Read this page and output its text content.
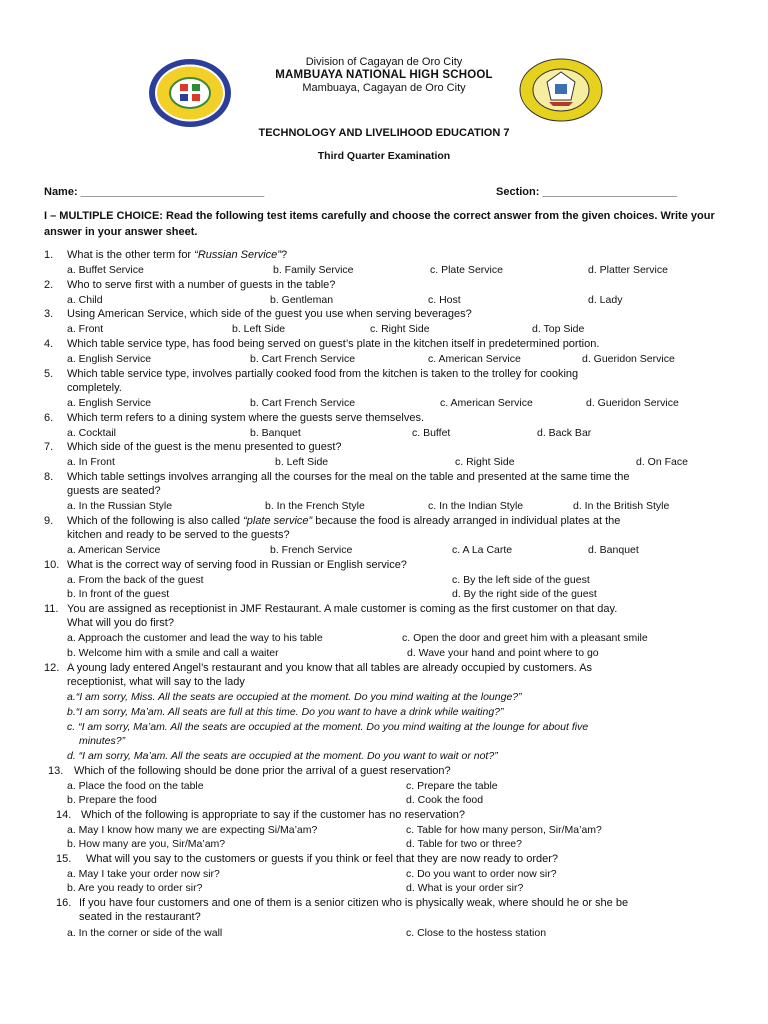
Division of Cagayan de Oro City
MAMBUAYA NATIONAL HIGH SCHOOL
Mambuaya, Cagayan de Oro City
TECHNOLOGY AND LIVELIHOOD EDUCATION 7
Third Quarter Examination
Name: ______________________________	Section: ______________________
I – MULTIPLE CHOICE: Read the following test items carefully and choose the correct answer from the given choices. Write your answer in your answer sheet.
1. What is the other term for “Russian Service”?
a. Buffet Service	b. Family Service	c. Plate Service	d. Platter Service
2. Who to serve first with a number of guests in the table?
a. Child	b. Gentleman	c. Host	d. Lady
3. Using American Service, which side of the guest you use when serving beverages?
a. Front	b. Left Side	c. Right Side	d. Top Side
4. Which table service type, has food being served on guest’s plate in the kitchen itself in predetermined portion.
a. English Service	b. Cart French Service	c. American Service	d. Gueridon Service
5. Which table service type, involves partially cooked food from the kitchen is taken to the trolley for cooking
completely.
a. English Service	b. Cart French Service	c. American Service	d. Gueridon Service
6. Which term refers to a dining system where the guests serve themselves.
a. Cocktail	b. Banquet	c. Buffet	d. Back Bar
7. Which side of the guest is the menu presented to guest?
a. In Front	b. Left Side	c. Right Side	d. On Face
8. Which table settings involves arranging all the courses for the meal on the table and presented at the same time the
guests are seated?
a. In the Russian Style	b. In the French Style	c. In the Indian Style	d. In the British Style
9. Which of the following is also called “plate service” because the food is already arranged in individual plates at the
kitchen and ready to be served to the guests?
a. American Service	b. French Service	c. A La Carte	d. Banquet
10. What is the correct way of serving food in Russian or English service?
a. From the back of the guest	c. By the left side of the guest
b. In front of the guest	d. By the right side of the guest
11. You are assigned as receptionist in JMF Restaurant. A male customer is coming as the first customer on that day.
What will you do first?
a. Approach the customer and lead the way to his table	c. Open the door and greet him with a pleasant smile
b. Welcome him with a smile and call a waiter	d. Wave your hand and point where to go
12. A young lady entered Angel’s restaurant and you know that all tables are already occupied by customers. As
receptionist, what will say to the lady
a.“I am sorry, Miss. All the seats are occupied at the moment. Do you mind waiting at the lounge?”
b.“I am sorry, Ma’am. All seats are full at this time. Do you want to have a drink while waiting?”
c. “I am sorry, Ma’am. All the seats are occupied at the moment. Do you mind waiting at the lounge for about five
minutes?”
d. “I am sorry, Ma’am. All the seats are occupied at the moment. Do you want to wait or not?”
13. Which of the following should be done prior the arrival of a guest reservation?
a. Place the food on the table	c. Prepare the table
b. Prepare the food	d. Cook the food
14. Which of the following is appropriate to say if the customer has no reservation?
a. May I know how many we are expecting Si/Ma’am?	c. Table for how many person, Sir/Ma’am?
b. How many are you, Sir/Ma’am?	d. Table for two or three?
15. What will you say to the customers or guests if you think or feel that they are now ready to order?
a. May I take your order now sir?	c. Do you want to order now sir?
b. Are you ready to order sir?	d. What is your order sir?
16. If you have four customers and one of them is a senior citizen who is physically weak, where should he or she be
seated in the restaurant?
a. In the corner or side of the wall	c. Close to the hostess station
